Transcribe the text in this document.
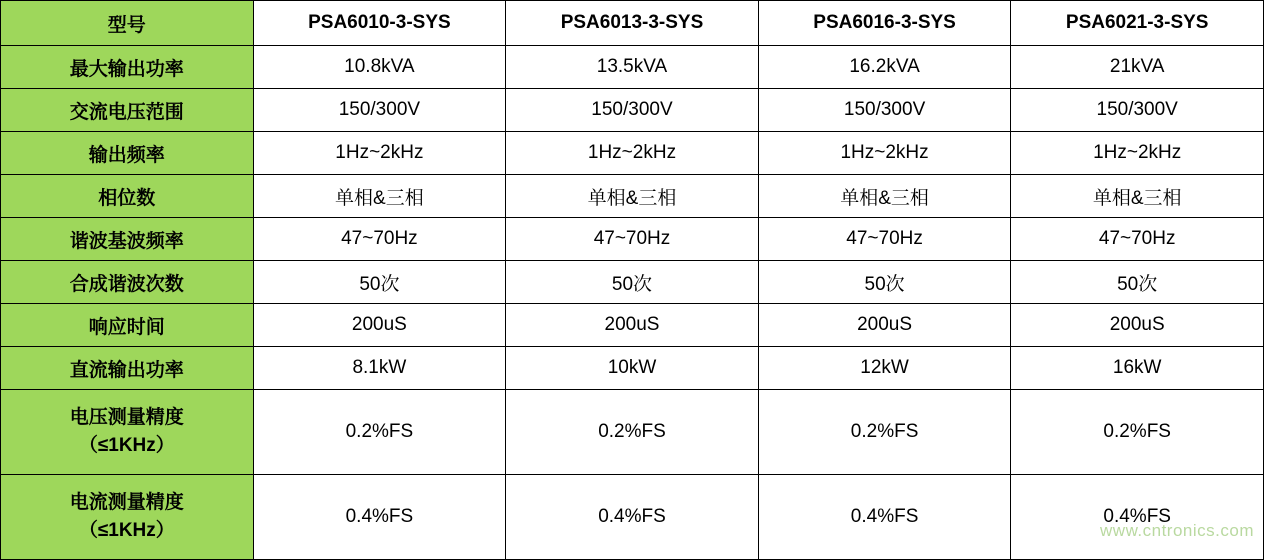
型号	PSA6010-3-SYS	PSA6013-3-SYS	PSA6016-3-SYS	PSA6021-3-SYS
最大输出功率	10.8kVA	13.5kVA	16.2kVA	21kVA
交流电压范围	150/300V	150/300V	150/300V	150/300V
输出频率	1Hz~2kHz	1Hz~2kHz	1Hz~2kHz	1Hz~2kHz
相位数	单相&三相	单相&三相	单相&三相	单相&三相
谐波基波频率	47~70Hz	47~70Hz	47~70Hz	47~70Hz
合成谐波次数	50次	50次	50次	50次
响应时间	200uS	200uS	200uS	200uS
直流输出功率	8.1kW	10kW	12kW	16kW

电压测量精度
（≤1KHz）	0.2%FS	0.2%FS	0.2%FS	0.2%FS

电流测量精度
（≤1KHz）	0.4%FS	0.4%FS	0.4%FS	0.4%FS
www.cntronics.com
